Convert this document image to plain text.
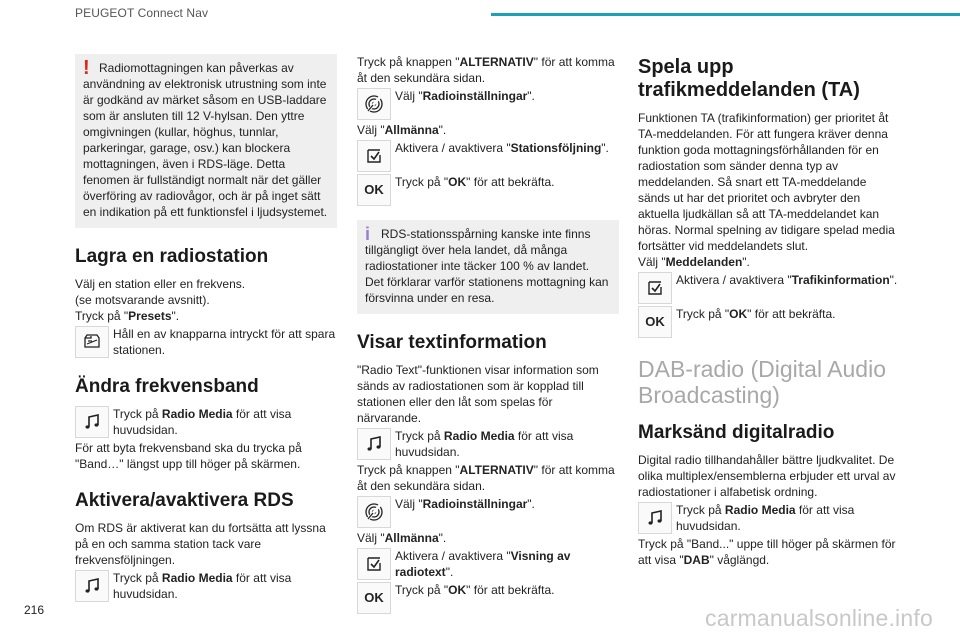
PEUGEOT Connect Nav

! Radiomottagningen kan påverkas av användning av elektronisk utrustning som inte är godkänd av märket såsom en USB-laddare som är ansluten till 12 V-hylsan. Den yttre omgivningen (kullar, höghus, tunnlar, parkeringar, garage, osv.) kan blockera mottagningen, även i RDS-läge. Detta fenomen är fullständigt normalt när det gäller överföring av radiovågor, och är på inget sätt en indikation på ett funktionsfel i ljudsystemet.

Lagra en radiostation

Välj en station eller en frekvens.

(se motsvarande avsnitt).

Tryck på "Presets".

Håll en av knapparna intryckt för att spara stationen.
Ändra frekvensband
Tryck på Radio Media för att visa huvudsidan.

För att byta frekvensband ska du trycka på "Band…" längst upp till höger på skärmen.

Aktivera/avaktivera RDS

Om RDS är aktiverat kan du fortsätta att lyssna på en och samma station tack vare frekvensföljningen.

Tryck på Radio Media för att visa huvudsidan.

Tryck på knappen "ALTERNATIV" för att komma åt den sekundära sidan.

Välj "Radioinställningar".

Välj "Allmänna".

Aktivera / avaktivera "Stationsföljning".
OK Tryck på "OK" för att bekräfta.

iRDS-stationsspårning kanske inte finns tillgängligt över hela landet, då många radiostationer inte täcker 100 % av landet. Det förklarar varför stationens mottagning kan försvinna under en resa.

Visar textinformation

"Radio Text"-funktionen visar information som sänds av radiostationen som är kopplad till stationen eller den låt som spelas för närvarande.

Tryck på Radio Media för att visa huvudsidan.

Tryck på knappen "ALTERNATIV" för att komma åt den sekundära sidan.

Välj "Radioinställningar".

Välj "Allmänna".

Aktivera / avaktivera "Visning av radiotext".
OK Tryck på "OK" för att bekräfta.
Spela upp trafikmeddelanden (TA)

Funktionen TA (trafikinformation) ger prioritet åt TA-meddelanden. För att fungera kräver denna funktion goda mottagningsförhållanden för en radiostation som sänder denna typ av meddelanden. Så snart ett TA-meddelande sänds ut har det prioritet och avbryter den aktuella ljudkällan så att TA-meddelandet kan höras. Normal spelning av tidigare spelad media fortsätter vid meddelandets slut.

Välj "Meddelanden".

Aktivera / avaktivera "Trafikinformation".
OK Tryck på "OK" för att bekräfta.
DAB-radio (Digital Audio Broadcasting)
Marksänd digitalradio

Digital radio tillhandahåller bättre ljudkvalitet. De olika multiplex/ensemblerna erbjuder ett urval av radiostationer i alfabetisk ordning.

Tryck på Radio Media för att visa huvudsidan.

Tryck på "Band..." uppe till höger på skärmen för att visa "DAB" våglängd.

216	carmanualsonline.info
